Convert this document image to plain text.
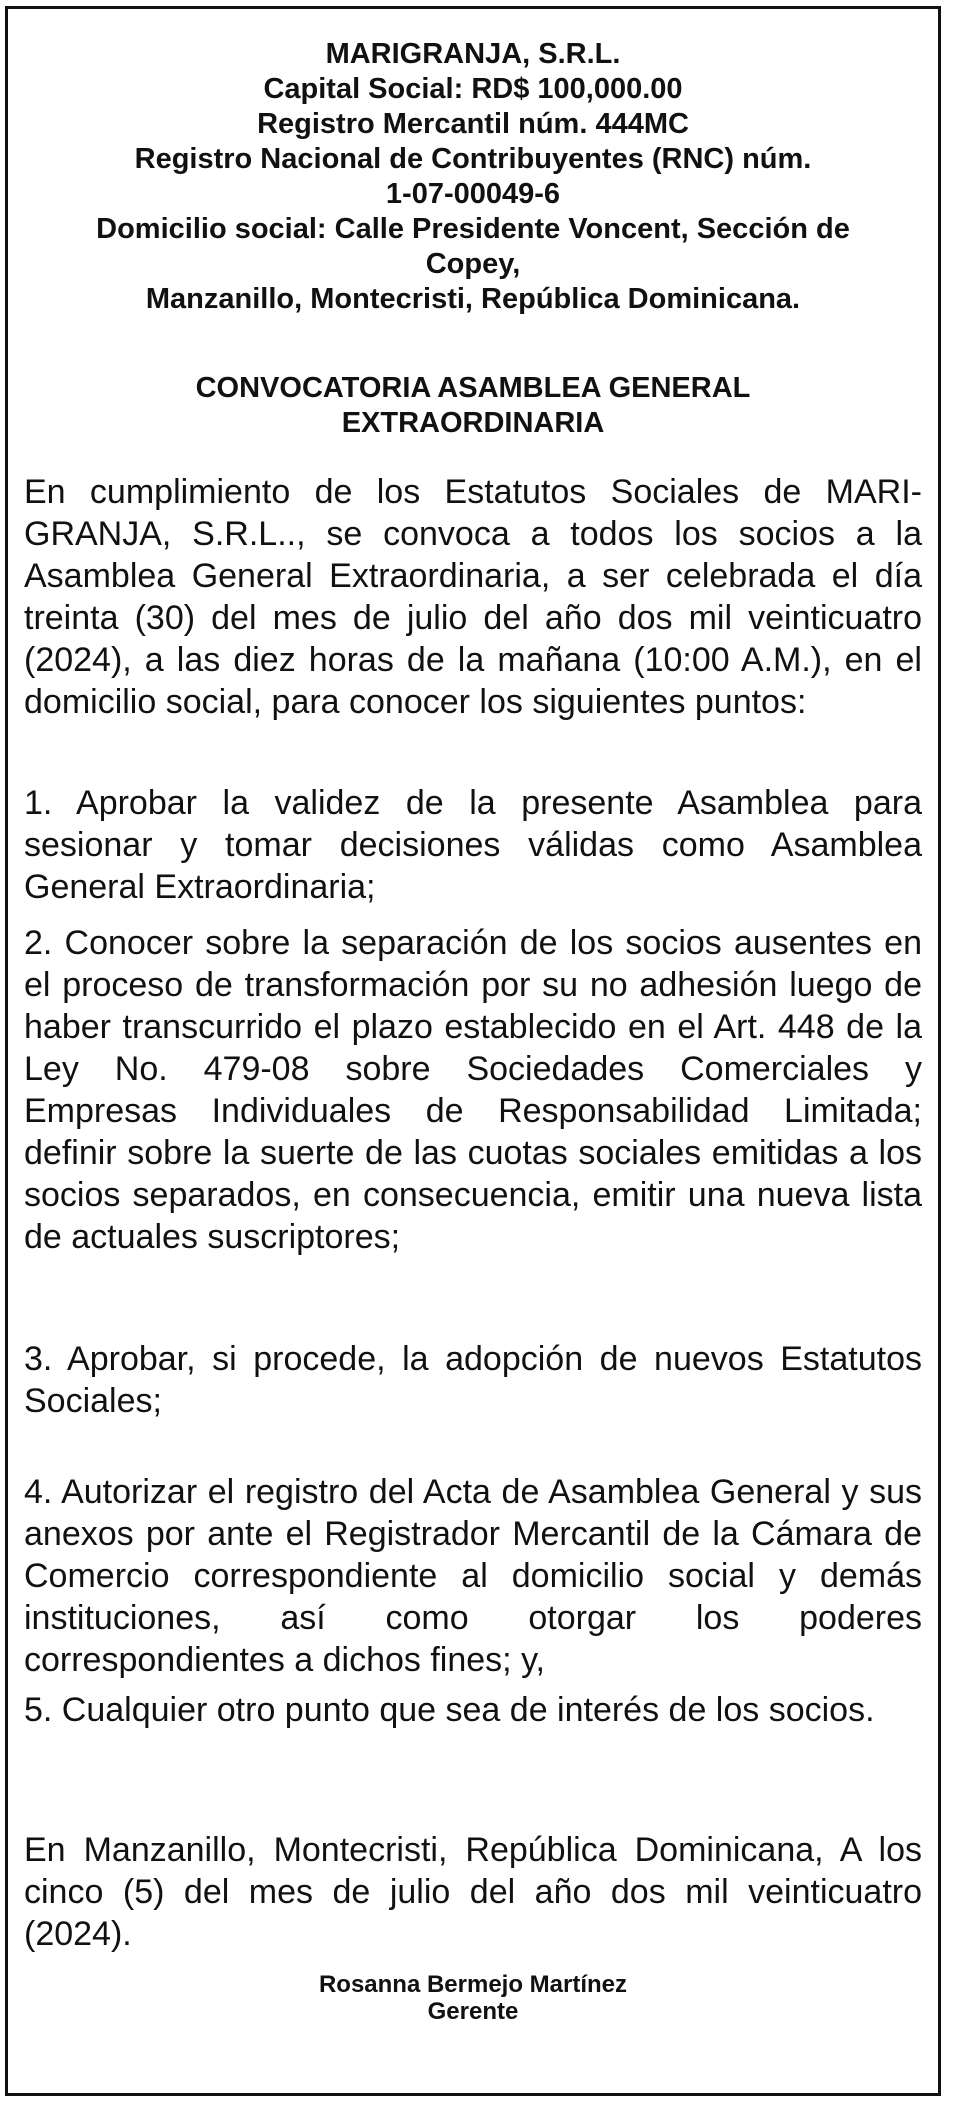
MARIGRANJA, S.R.L.
Capital Social: RD$ 100,000.00
Registro Mercantil núm. 444MC
Registro Nacional de Contribuyentes (RNC) núm.
1-07-00049-6
Domicilio social: Calle Presidente Voncent, Sección de
Copey,
Manzanillo, Montecristi, República Dominicana.
CONVOCATORIA ASAMBLEA GENERAL
EXTRAORDINARIA

En cumplimiento de los Estatutos Sociales de MARIGRANJA, S.R.L.., se convoca a todos los socios a la Asamblea General Extraordinaria, a ser celebrada el día treinta (30) del mes de julio del año dos mil veinticuatro (2024), a las diez horas de la mañana (10:00 A.M.), en el domicilio social, para conocer los siguientes puntos:

1. Aprobar la validez de la presente Asamblea para sesionar y tomar decisiones válidas como Asamblea General Extraordinaria;

2. Conocer sobre la separación de los socios ausentes en el proceso de transformación por su no adhesión luego de haber transcurrido el plazo establecido en el Art. 448 de la Ley No. 479-08 sobre Sociedades Comerciales y Empresas Individuales de Responsabilidad Limitada; definir sobre la suerte de las cuotas sociales emitidas a los socios separados, en consecuencia, emitir una nueva lista de actuales suscriptores;

3. Aprobar, si procede, la adopción de nuevos Estatutos Sociales;

4. Autorizar el registro del Acta de Asamblea General y sus anexos por ante el Registrador Mercantil de la Cámara de Comercio correspondiente al domicilio social y demás instituciones, así como otorgar los poderes correspondientes a dichos fines; y,

5. Cualquier otro punto que sea de interés de los socios.

En Manzanillo, Montecristi, República Dominicana, A los cinco (5) del mes de julio del año dos mil veinticuatro (2024).

Rosanna Bermejo Martínez
Gerente
